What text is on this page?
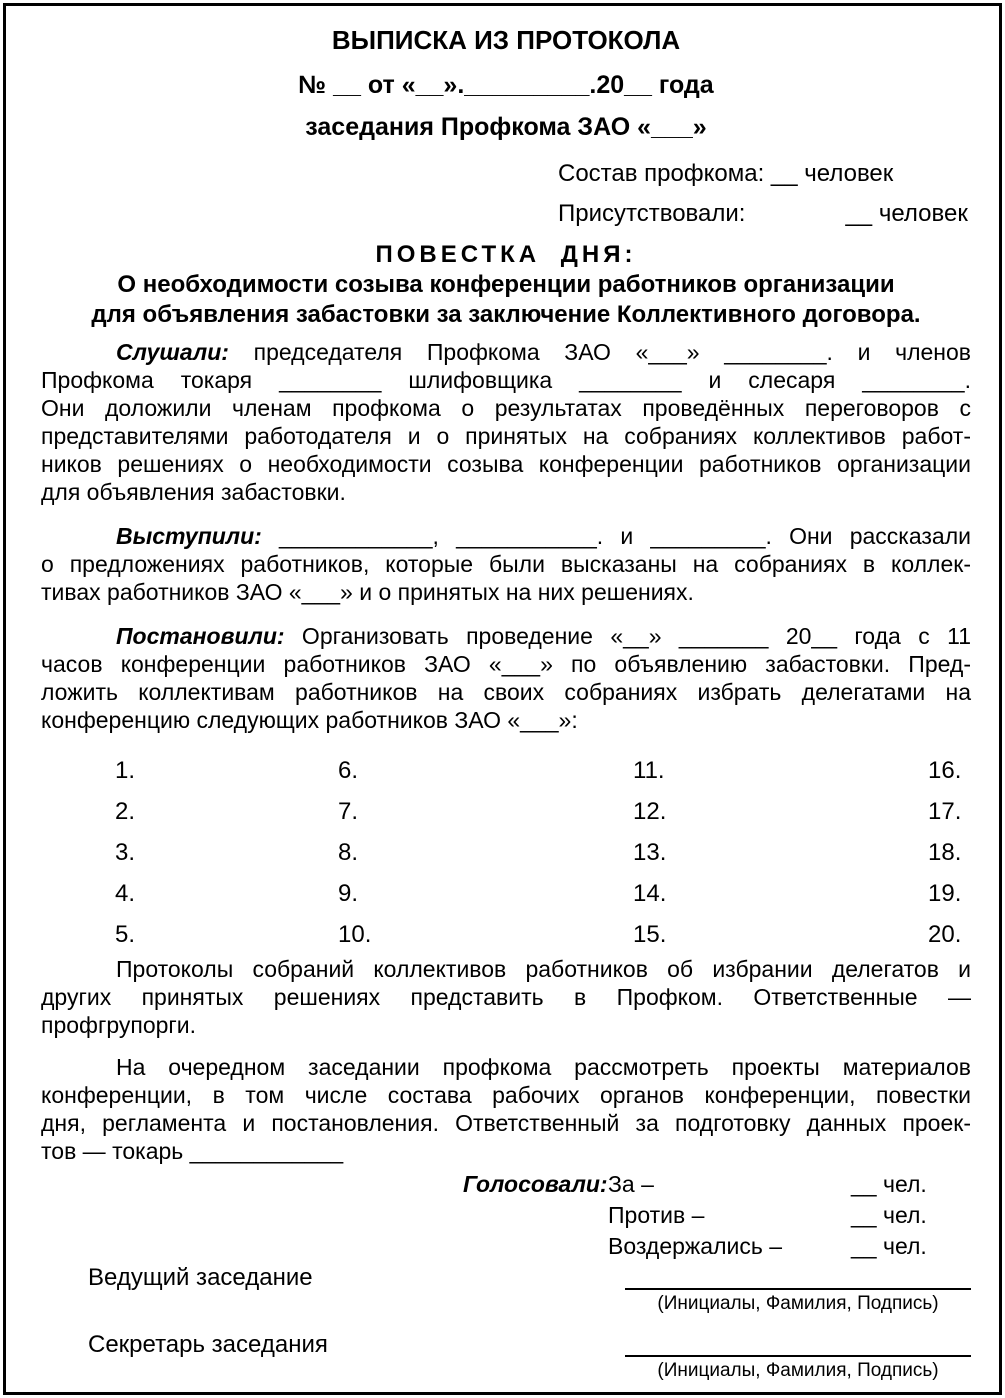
ВЫПИСКА ИЗ ПРОТОКОЛА
№ __ от «__»._________.20__ года
заседания Профкома ЗАО «___»
Состав профкома: __ человек
Присутствовали:	__ человек
ПОВЕСТКА ДНЯ:
О необходимости созыва конференции работников организации
для объявления забастовки за заключение Коллективного договора.
Слушали: председателя Профкома ЗАО «___» ________. и членов
Профкома токаря ________ шлифовщика ________ и слесаря ________.
Они доложили членам профкома о результатах проведённых переговоров с
представителями работодателя и о принятых на собраниях коллективов работ-
ников решениях о необходимости созыва конференции работников организации
для объявления забастовки.
Выступили: ____________, ___________. и _________. Они рассказали
о предложениях работников, которые были высказаны на собраниях в коллек-
тивах работников ЗАО «___» и о принятых на них решениях.
Постановили: Организовать проведение «__» _______ 20__ года с 11
часов конференции работников ЗАО «___» по объявлению забастовки. Пред-
ложить коллективам работников на своих собраниях избрать делегатами на
конференцию следующих работников ЗАО «___»:
1.	6.	11.	16.
2.	7.	12.	17.
3.	8.	13.	18.
4.	9.	14.	19.
5.	10.	15.	20.
Протоколы собраний коллективов работников об избрании делегатов и
других принятых решениях представить в Профком. Ответственные —
профгрупорги.
На очередном заседании профкома рассмотреть проекты материалов
конференции, в том числе состава рабочих органов конференции, повестки
дня, регламента и постановления. Ответственный за подготовку данных проек-
тов — токарь ____________
Голосовали: За –	__ чел.
Против –	__ чел.
Воздержались –	__ чел.
Ведущий заседание
(Инициалы, Фамилия, Подпись)
Секретарь заседания
(Инициалы, Фамилия, Подпись)
